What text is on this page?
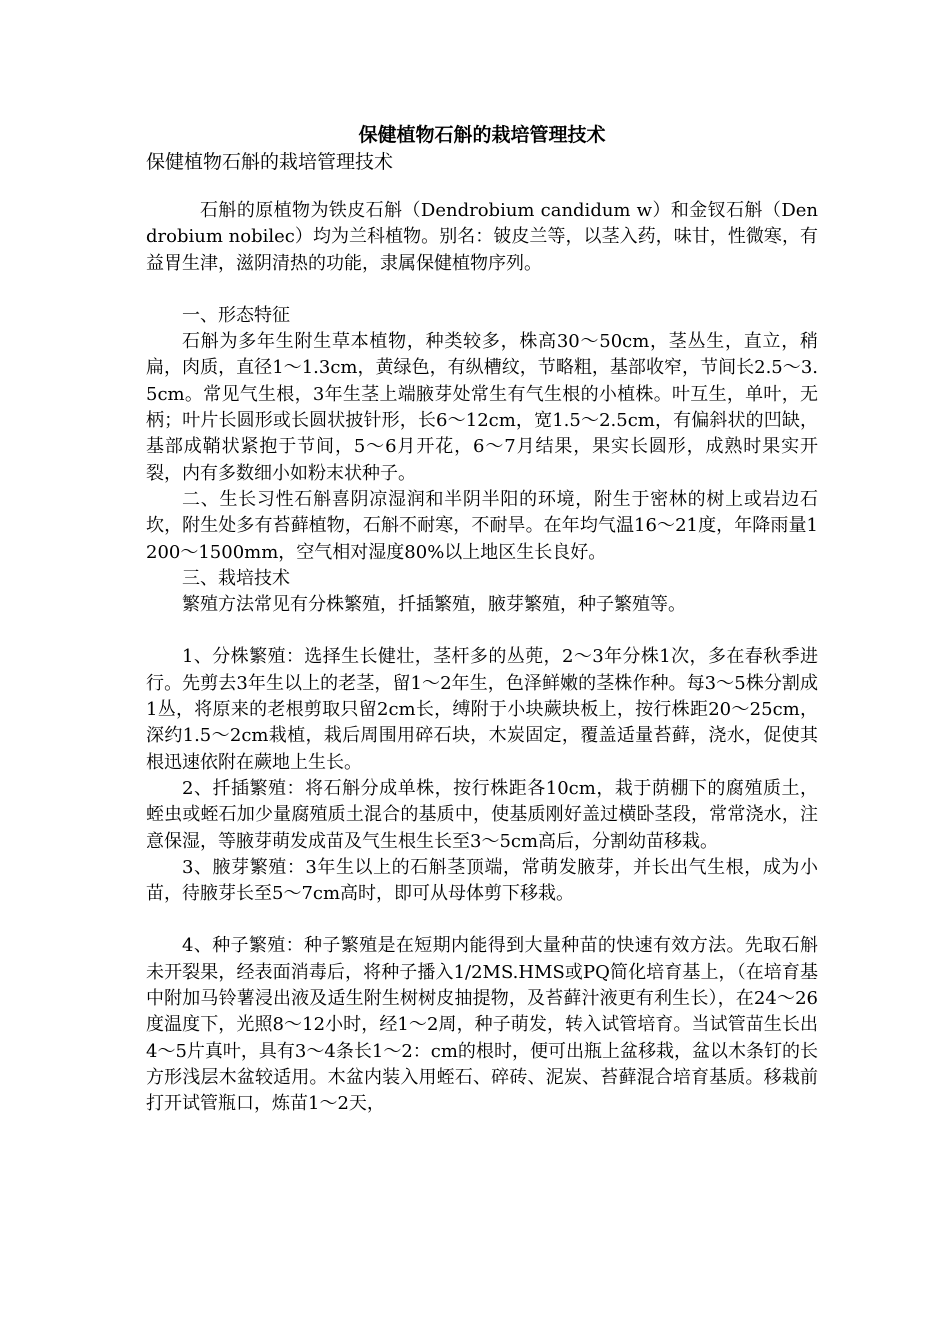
保健植物石斛的栽培管理技术
保健植物石斛的栽培管理技术

石斛的原植物为铁皮石斛（Dendrobium candidum w）和金钗石斛（Dendrobium nobilec）均为兰科植物。别名：铍皮兰等，以茎入药，味甘，性微寒，有益胃生津，滋阴清热的功能，隶属保健植物序列。

一、形态特征

石斛为多年生附生草本植物，种类较多，株高30～50cm，茎丛生，直立，稍扁，肉质，直径1～1.3cm，黄绿色，有纵槽纹，节略粗，基部收窄，节间长2.5～3.5cm。常见气生根，3年生茎上端腋芽处常生有气生根的小植株。叶互生，单叶，无柄；叶片长圆形或长圆状披针形，长6～12cm，宽1.5～2.5cm，有偏斜状的凹缺，基部成鞘状紧抱于节间，5～6月开花，6～7月结果，果实长圆形，成熟时果实开裂，内有多数细小如粉末状种子。

二、生长习性石斛喜阴凉湿润和半阴半阳的环境，附生于密林的树上或岩边石坎，附生处多有苔藓植物，石斛不耐寒，不耐旱。在年均气温16～21度，年降雨量1200～1500mm，空气相对湿度80%以上地区生长良好。

三、栽培技术

繁殖方法常见有分株繁殖，扦插繁殖，腋芽繁殖，种子繁殖等。

1、分株繁殖：选择生长健壮，茎杆多的丛蔸，2～3年分株1次，多在春秋季进行。先剪去3年生以上的老茎，留1～2年生，色泽鲜嫩的茎株作种。每3～5株分割成1丛，将原来的老根剪取只留2cm长，缚附于小块蕨块板上，按行株距20～25cm，深约1.5～2cm栽植，栽后周围用碎石块，木炭固定，覆盖适量苔藓，浇水，促使其根迅速依附在蕨地上生长。

2、扦插繁殖：将石斛分成单株，按行株距各10cm，栽于荫棚下的腐殖质土，蛭虫或蛭石加少量腐殖质土混合的基质中，使基质刚好盖过横卧茎段，常常浇水，注意保湿，等腋芽萌发成苗及气生根生长至3～5cm高后，分割幼苗移栽。

3、腋芽繁殖：3年生以上的石斛茎顶端，常萌发腋芽，并长出气生根，成为小苗，待腋芽长至5～7cm高时，即可从母体剪下移栽。

4、种子繁殖：种子繁殖是在短期内能得到大量种苗的快速有效方法。先取石斛未开裂果，经表面消毒后，将种子播入1/2MS.HMS或PQ简化培育基上，（在培育基中附加马铃薯浸出液及适生附生树树皮抽提物，及苔藓汁液更有利生长），在24～26度温度下，光照8～12小时，经1～2周，种子萌发，转入试管培育。当试管苗生长出4～5片真叶，具有3～4条长1～2：cm的根时，便可出瓶上盆移栽，盆以木条钉的长方形浅层木盆较适用。木盆内装入用蛭石、碎砖、泥炭、苔藓混合培育基质。移栽前打开试管瓶口，炼苗1～2天，
